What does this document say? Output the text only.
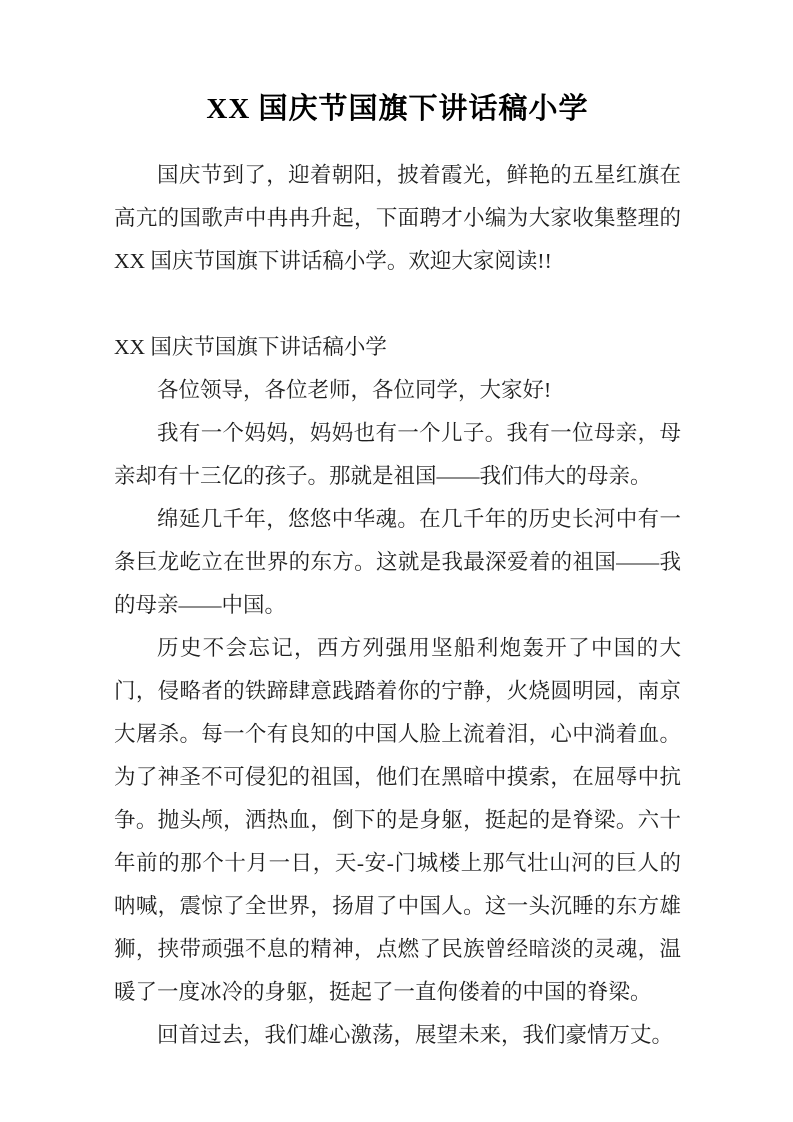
XX 国庆节国旗下讲话稿小学

国庆节到了，迎着朝阳，披着霞光，鲜艳的五星红旗在高亢的国歌声中冉冉升起，下面聘才小编为大家收集整理的 XX 国庆节国旗下讲话稿小学。欢迎大家阅读!!

XX 国庆节国旗下讲话稿小学

各位领导，各位老师，各位同学，大家好!

我有一个妈妈，妈妈也有一个儿子。我有一位母亲，母亲却有十三亿的孩子。那就是祖国——我们伟大的母亲。

绵延几千年，悠悠中华魂。在几千年的历史长河中有一条巨龙屹立在世界的东方。这就是我最深爱着的祖国——我的母亲——中国。

历史不会忘记，西方列强用坚船利炮轰开了中国的大门，侵略者的铁蹄肆意践踏着你的宁静，火烧圆明园，南京大屠杀。每一个有良知的中国人脸上流着泪，心中淌着血。为了神圣不可侵犯的祖国，他们在黑暗中摸索，在屈辱中抗争。抛头颅，洒热血，倒下的是身躯，挺起的是脊梁。六十年前的那个十月一日，天-安-门城楼上那气壮山河的巨人的呐喊，震惊了全世界，扬眉了中国人。这一头沉睡的东方雄狮，挟带顽强不息的精神，点燃了民族曾经暗淡的灵魂，温暖了一度冰冷的身躯，挺起了一直佝偻着的中国的脊梁。

回首过去，我们雄心激荡，展望未来，我们豪情万丈。
